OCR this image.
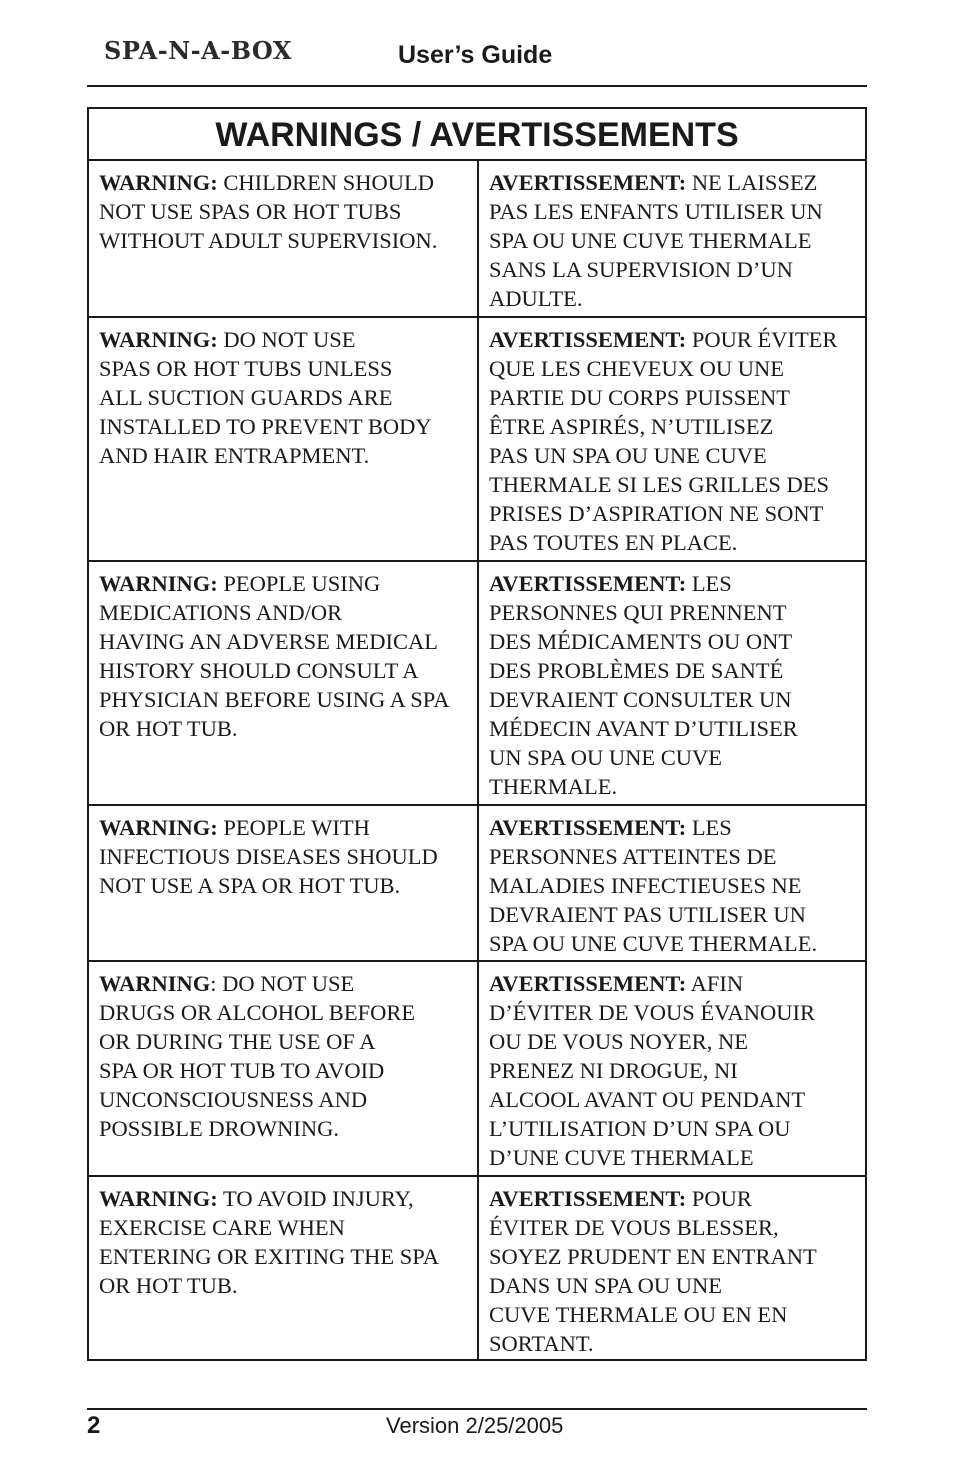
SPA-N-A-BOX	User’s Guide
WARNINGS / AVERTISSEMENTS
WARNING: CHILDREN SHOULD
NOT USE SPAS OR HOT TUBS
WITHOUT ADULT SUPERVISION.
AVERTISSEMENT: NE LAISSEZ
PAS LES ENFANTS UTILISER UN
SPA OU UNE CUVE THERMALE
SANS LA SUPERVISION D’UN
ADULTE.
WARNING: DO NOT USE
SPAS OR HOT TUBS UNLESS
ALL SUCTION GUARDS ARE
INSTALLED TO PREVENT BODY
AND HAIR ENTRAPMENT.
AVERTISSEMENT: POUR ÉVITER
QUE LES CHEVEUX OU UNE
PARTIE DU CORPS PUISSENT
ÊTRE ASPIRÉS, N’UTILISEZ
PAS UN SPA OU UNE CUVE
THERMALE SI LES GRILLES DES
PRISES D’ASPIRATION NE SONT
PAS TOUTES EN PLACE.
WARNING: PEOPLE USING
MEDICATIONS AND/OR
HAVING AN ADVERSE MEDICAL
HISTORY SHOULD CONSULT A
PHYSICIAN BEFORE USING A SPA
OR HOT TUB.
AVERTISSEMENT: LES
PERSONNES QUI PRENNENT
DES MÉDICAMENTS OU ONT
DES PROBLÈMES DE SANTÉ
DEVRAIENT CONSULTER UN
MÉDECIN AVANT D’UTILISER
UN SPA OU UNE CUVE
THERMALE.
WARNING: PEOPLE WITH
INFECTIOUS DISEASES SHOULD
NOT USE A SPA OR HOT TUB.
AVERTISSEMENT: LES
PERSONNES ATTEINTES DE
MALADIES INFECTIEUSES NE
DEVRAIENT PAS UTILISER UN
SPA OU UNE CUVE THERMALE.
WARNING: DO NOT USE
DRUGS OR ALCOHOL BEFORE
OR DURING THE USE OF A
SPA OR HOT TUB TO AVOID
UNCONSCIOUSNESS AND
POSSIBLE DROWNING.
AVERTISSEMENT: AFIN
D’ÉVITER DE VOUS ÉVANOUIR
OU DE VOUS NOYER, NE
PRENEZ NI DROGUE, NI
ALCOOL AVANT OU PENDANT
L’UTILISATION D’UN SPA OU
D’UNE CUVE THERMALE
WARNING: TO AVOID INJURY,
EXERCISE CARE WHEN
ENTERING OR EXITING THE SPA
OR HOT TUB.
AVERTISSEMENT: POUR
ÉVITER DE VOUS BLESSER,
SOYEZ PRUDENT EN ENTRANT
DANS UN SPA OU UNE
CUVE THERMALE OU EN EN
SORTANT.
2	Version 2/25/2005
